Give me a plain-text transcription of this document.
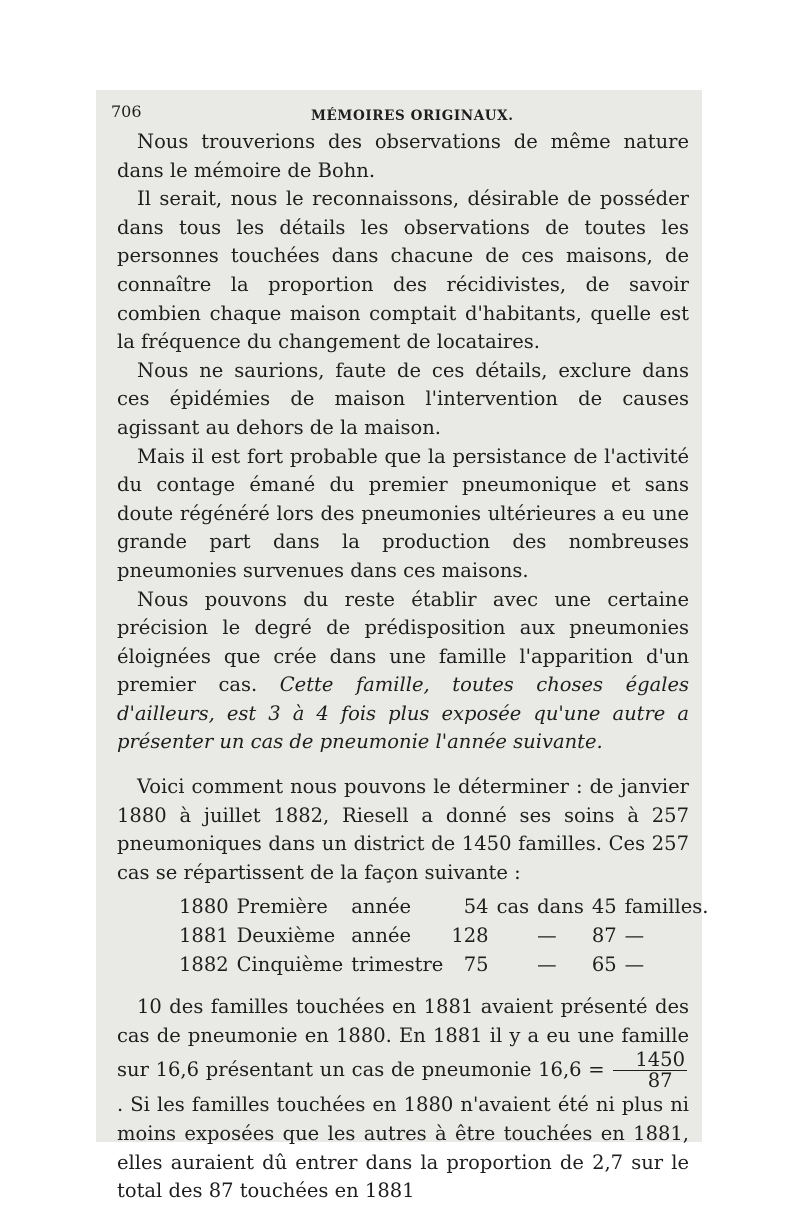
706	MÉMOIRES ORIGINAUX.

Nous trouverions des observations de même nature dans le mémoire de Bohn.

Il serait, nous le reconnaissons, désirable de posséder dans tous les détails les observations de toutes les personnes touchées dans chacune de ces maisons, de connaître la proportion des récidivistes, de savoir combien chaque maison comptait d'habitants, quelle est la fréquence du changement de locataires.

Nous ne saurions, faute de ces détails, exclure dans ces épidémies de maison l'intervention de causes agissant au dehors de la maison.

Mais il est fort probable que la persistance de l'activité du contage émané du premier pneumonique et sans doute régénéré lors des pneumonies ultérieures a eu une grande part dans la production des nombreuses pneumonies survenues dans ces maisons.

Nous pouvons du reste établir avec une certaine précision le degré de prédisposition aux pneumonies éloignées que crée dans une famille l'apparition d'un premier cas. Cette famille, toutes choses égales d'ailleurs, est 3 à 4 fois plus exposée qu'une autre a présenter un cas de pneumonie l'année suivante.

Voici comment nous pouvons le déterminer : de janvier 1880 à juillet 1882, Riesell a donné ses soins à 257 pneumoniques dans un district de 1450 familles. Ces 257 cas se répartissent de la façon suivante :

1880	Première	année	54	cas	dans	45	familles.
1881	Deuxième	année	128		—	87	—
1882	Cinquième	trimestre	75		—	65	—

10 des familles touchées en 1881 avaient présenté des cas de pneumonie en 1880. En 1881 il y a eu une famille sur 16,6 présentant un cas de pneumonie $16,6 = \frac{1450}{87}$
. Si les familles touchées en 1880 n'avaient été ni plus ni moins exposées que les autres à être touchées en 1881, elles auraient dû entrer dans la proportion de 2,7 sur le total des 87 touchées en 1881
